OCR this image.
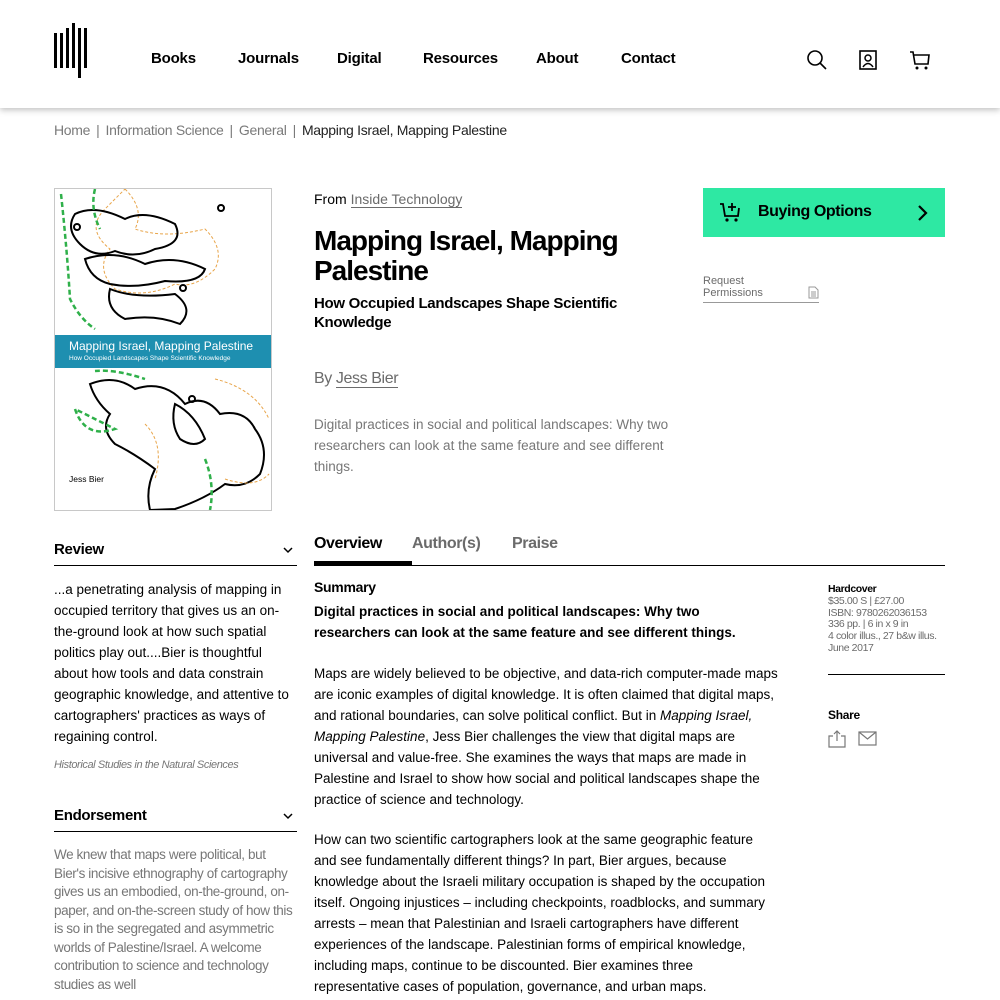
Books	Journals	Digital	Resources	About	Contact
Home | Information Science | General | Mapping Israel, Mapping Palestine
Mapping Israel, Mapping Palestine
How Occupied Landscapes Shape Scientific Knowledge
Jess Bier
From Inside Technology
Mapping Israel, Mapping Palestine
How Occupied Landscapes Shape Scientific Knowledge
By Jess Bier
Digital practices in social and political landscapes: Why two researchers can look at the same feature and see different things.
Buying Options
Request
Permissions
Review
...a penetrating analysis of mapping in occupied territory that gives us an on-the-ground look at how such spatial politics play out....Bier is thoughtful about how tools and data constrain geographic knowledge, and attentive to cartographers' practices as ways of regaining control.
Historical Studies in the Natural Sciences
Endorsement
We knew that maps were political, but Bier's incisive ethnography of cartography gives us an embodied, on-the-ground, on-paper, and on-the-screen study of how this is so in the segregated and asymmetric worlds of Palestine/Israel. A welcome contribution to science and technology studies as well
Overview	Author(s) Praise
Summary
Digital practices in social and political landscapes: Why two researchers can look at the same feature and see different things.
Maps are widely believed to be objective, and data-rich computer-made maps are iconic examples of digital knowledge. It is often claimed that digital maps, and rational boundaries, can solve political conflict. But in Mapping Israel, Mapping Palestine, Jess Bier challenges the view that digital maps are universal and value-free. She examines the ways that maps are made in Palestine and Israel to show how social and political landscapes shape the practice of science and technology.
How can two scientific cartographers look at the same geographic feature and see fundamentally different things? In part, Bier argues, because knowledge about the Israeli military occupation is shaped by the occupation itself. Ongoing injustices – including checkpoints, roadblocks, and summary arrests – mean that Palestinian and Israeli cartographers have different experiences of the landscape. Palestinian forms of empirical knowledge, including maps, continue to be discounted. Bier examines three representative cases of population, governance, and urban maps.
Hardcover
$35.00 S | £27.00
ISBN: 9780262036153
336 pp. | 6 in x 9 in
4 color illus., 27 b&w illus.
June 2017
Share
